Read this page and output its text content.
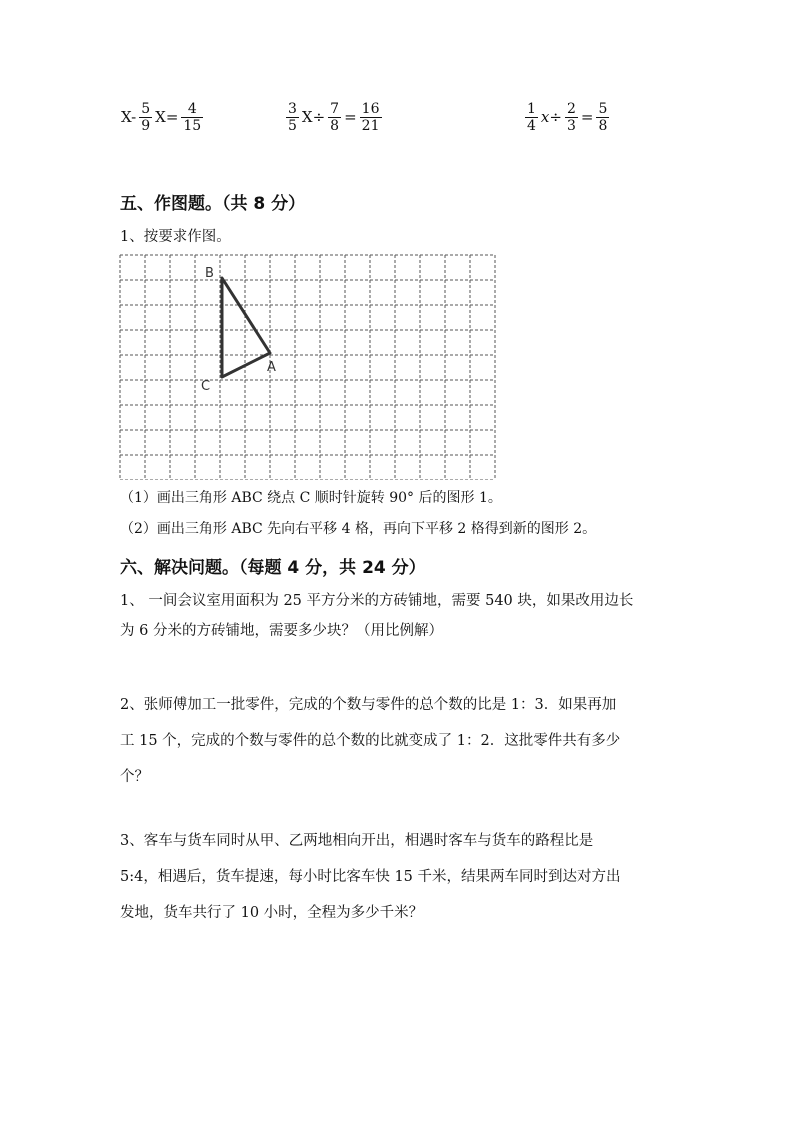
$X- \frac{5}{9} X= \frac{4}{15}$	$\frac{3}{5} X\div \frac{7}{8} = \frac{16}{21}$	$\frac{1}{4} x\div \frac{2}{3} = \frac{5}{8}$
五、作图题。（共 8 分）
1、按要求作图。
B
C
A
（1）画出三角形 ABC 绕点 C 顺时针旋转 90° 后的图形 1。
（2）画出三角形 ABC 先向右平移 4 格，再向下平移 2 格得到新的图形 2。
六、解决问题。（每题 4 分，共 24 分）
1、 一间会议室用面积为 25 平方分米的方砖铺地，需要 540 块，如果改用边长
为 6 分米的方砖铺地，需要多少块？（用比例解）
2、张师傅加工一批零件，完成的个数与零件的总个数的比是 1：3．如果再加
工 15 个，完成的个数与零件的总个数的比就变成了 1：2．这批零件共有多少
个？
3、客车与货车同时从甲、乙两地相向开出，相遇时客车与货车的路程比是
5:4，相遇后，货车提速，每小时比客车快 15 千米，结果两车同时到达对方出
发地，货车共行了 10 小时，全程为多少千米？
